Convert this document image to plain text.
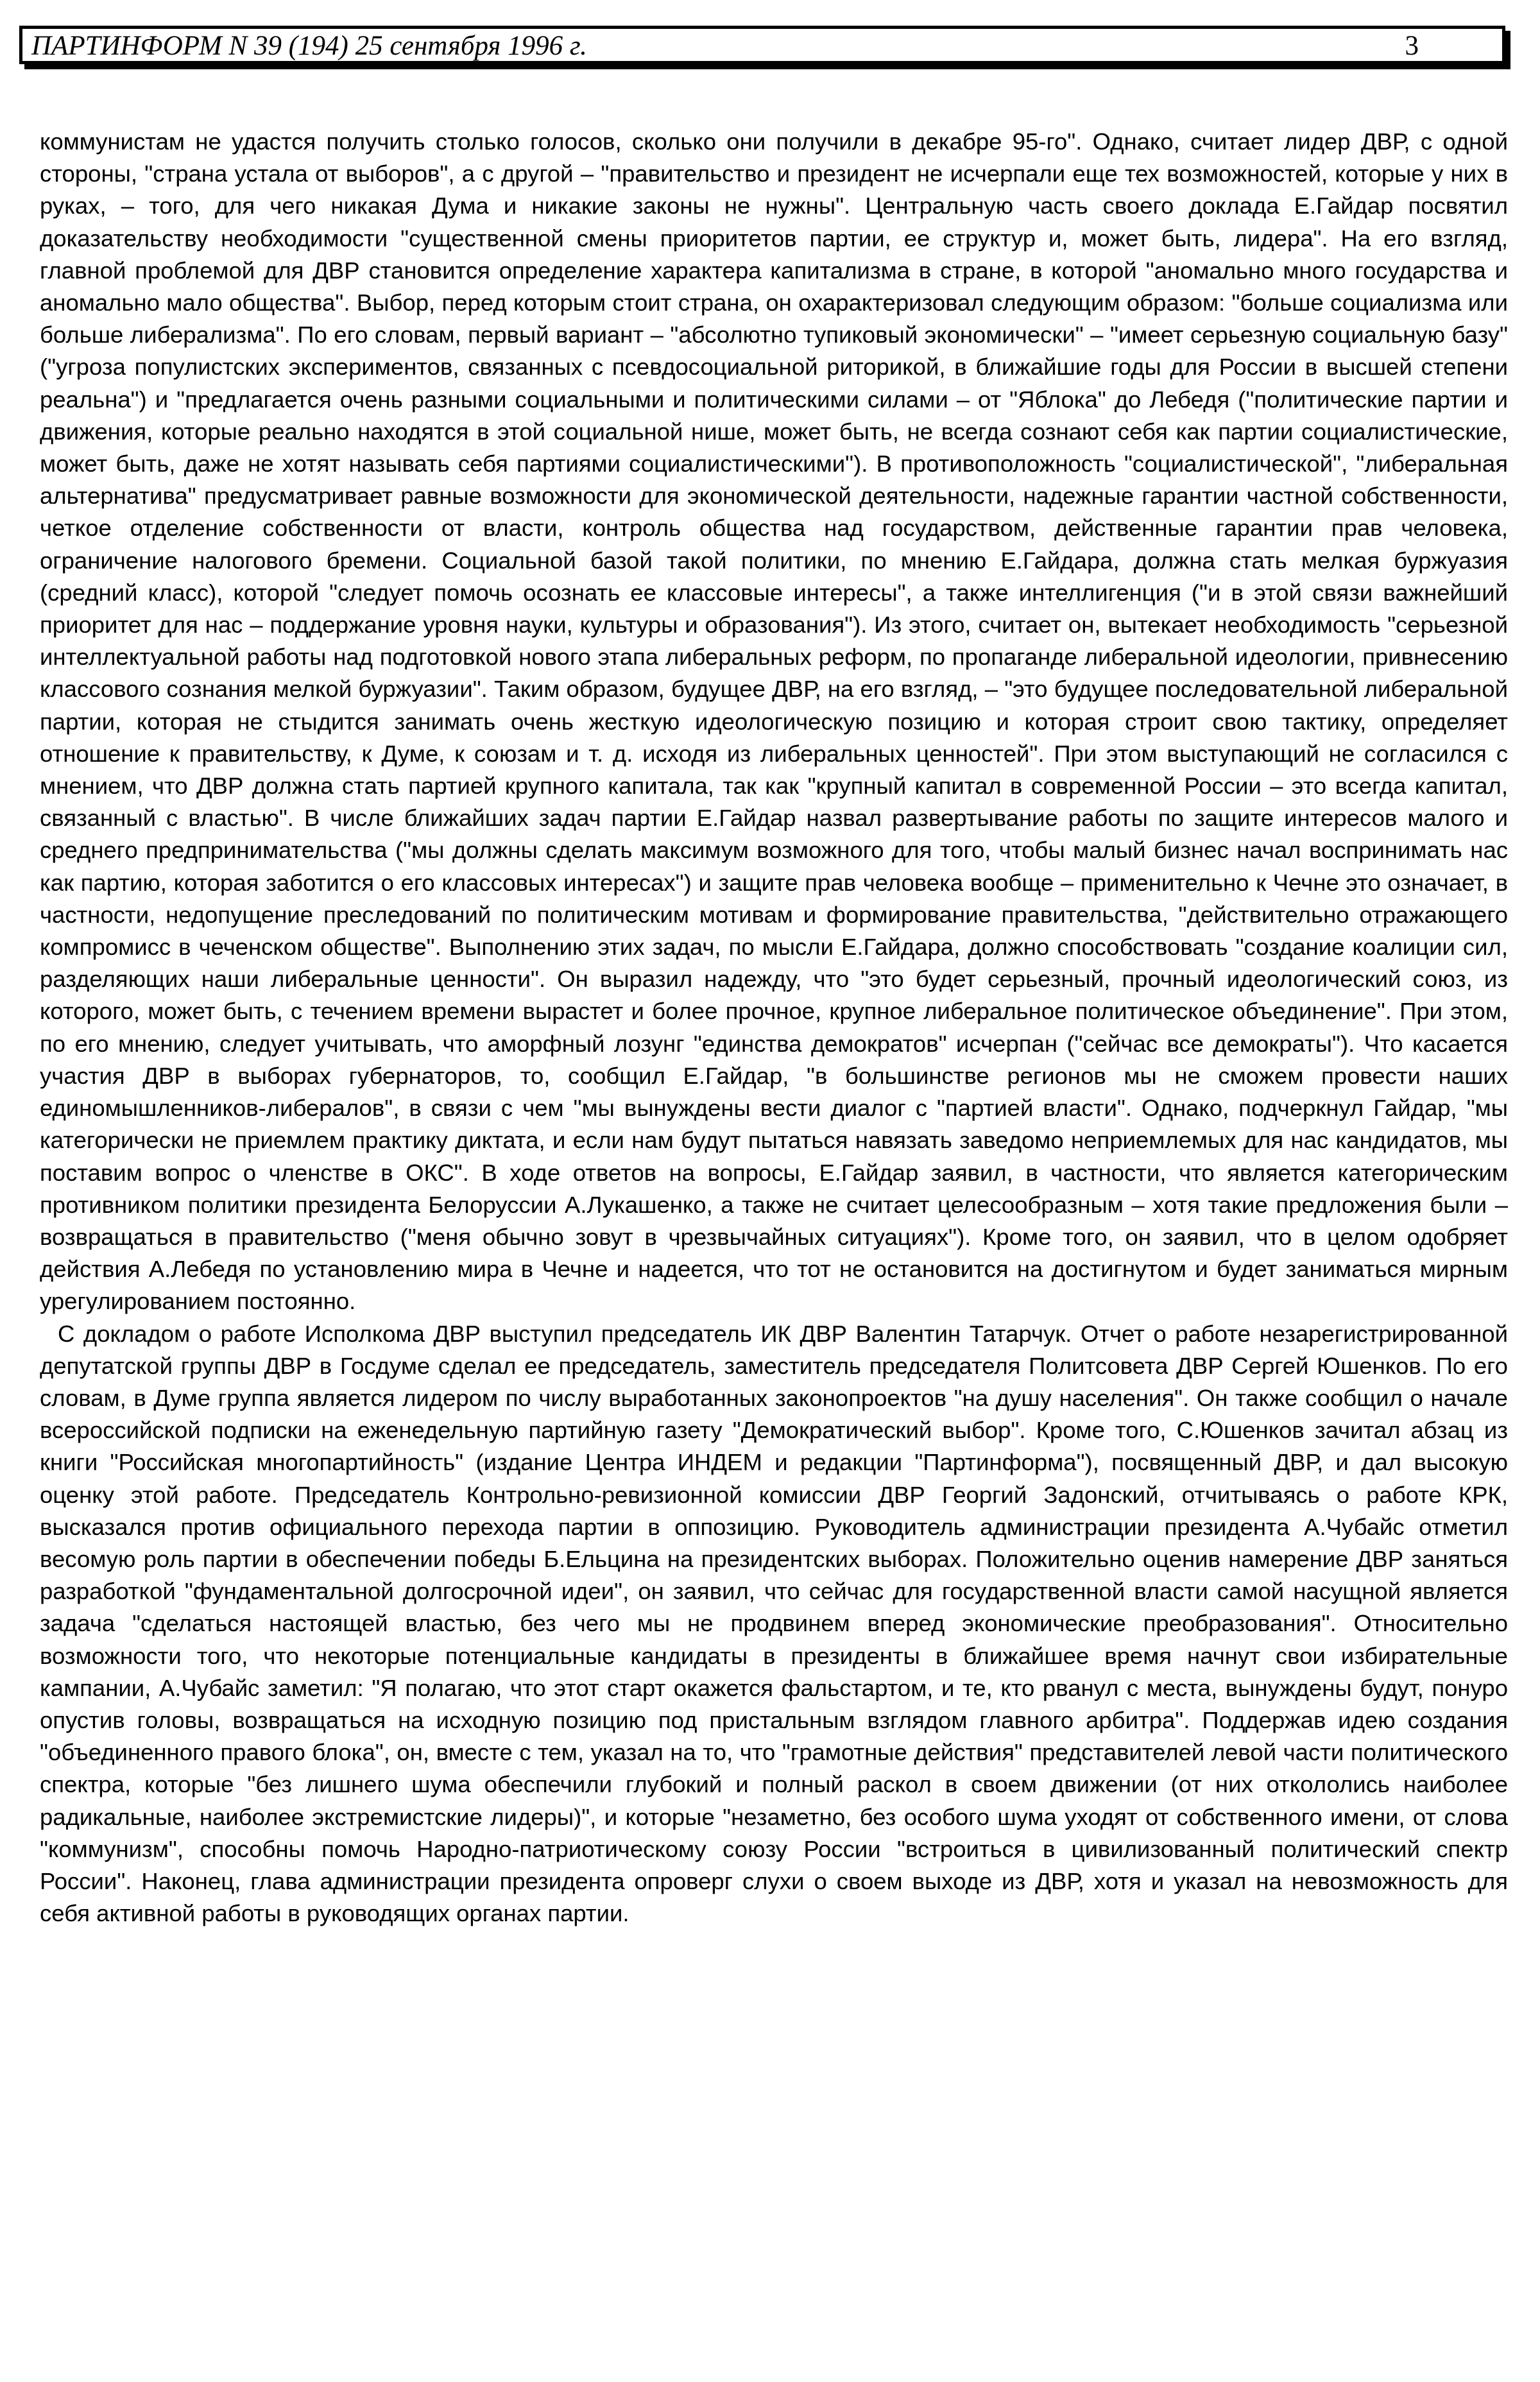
ПАРТИНФОРМ N 39 (194) 25 сентября 1996 г.	3

коммунистам не удастся получить столько голосов, сколько они получили в декабре 95-го". Однако, считает лидер ДВР, с одной стороны, "страна устала от выборов", а с другой – "правительство и президент не исчерпали еще тех возможностей, которые у них в руках, – того, для чего никакая Дума и никакие законы не нужны". Центральную часть своего доклада Е.Гайдар посвятил доказательству необходимости "существенной смены приоритетов партии, ее структур и, может быть, лидера". На его взгляд, главной проблемой для ДВР становится определение характера капитализма в стране, в которой "аномально много государства и аномально мало общества". Выбор, перед которым стоит страна, он охарактеризовал следующим образом: "больше социализма или больше либерализма". По его словам, первый вариант – "абсолютно тупиковый экономически" – "имеет серьезную социальную базу" ("угроза популистских экспериментов, связанных с псевдосоциальной риторикой, в ближайшие годы для России в высшей степени реальна") и "предлагается очень разными социальными и политическими силами – от "Яблока" до Лебедя ("политические партии и движения, которые реально находятся в этой социальной нише, может быть, не всегда сознают себя как партии социалистические, может быть, даже не хотят называть себя партиями социалистическими"). В противоположность "социалистической", "либеральная альтернатива" предусматривает равные возможности для экономической деятельности, надежные гарантии частной собственности, четкое отделение собственности от власти, контроль общества над государством, действенные гарантии прав человека, ограничение налогового бремени. Социальной базой такой политики, по мнению Е.Гайдара, должна стать мелкая буржуазия (средний класс), которой "следует помочь осознать ее классовые интересы", а также интеллигенция ("и в этой связи важнейший приоритет для нас – поддержание уровня науки, культуры и образования"). Из этого, считает он, вытекает необходимость "серьезной интеллектуальной работы над подготовкой нового этапа либеральных реформ, по пропаганде либеральной идеологии, привнесению классового сознания мелкой буржуазии". Таким образом, будущее ДВР, на его взгляд, – "это будущее последовательной либеральной партии, которая не стыдится занимать очень жесткую идеологическую позицию и которая строит свою тактику, определяет отношение к правительству, к Думе, к союзам и т. д. исходя из либеральных ценностей". При этом выступающий не согласился с мнением, что ДВР должна стать партией крупного капитала, так как "крупный капитал в современной России – это всегда капитал, связанный с властью". В числе ближайших задач партии Е.Гайдар назвал развертывание работы по защите интересов малого и среднего предпринимательства ("мы должны сделать максимум возможного для того, чтобы малый бизнес начал воспринимать нас как партию, которая заботится о его классовых интересах") и защите прав человека вообще – применительно к Чечне это означает, в частности, недопущение преследований по политическим мотивам и формирование правительства, "действительно отражающего компромисс в чеченском обществе". Выполнению этих задач, по мысли Е.Гайдара, должно способствовать "создание коалиции сил, разделяющих наши либеральные ценности". Он выразил надежду, что "это будет серьезный, прочный идеологический союз, из которого, может быть, с течением времени вырастет и более прочное, крупное либеральное политическое объединение". При этом, по его мнению, следует учитывать, что аморфный лозунг "единства демократов" исчерпан ("сейчас все демократы"). Что касается участия ДВР в выборах губернаторов, то, сообщил Е.Гайдар, "в большинстве регионов мы не сможем провести наших единомышленников-либералов", в связи с чем "мы вынуждены вести диалог с "партией власти". Однако, подчеркнул Гайдар, "мы категорически не приемлем практику диктата, и если нам будут пытаться навязать заведомо неприемлемых для нас кандидатов, мы поставим вопрос о членстве в ОКС". В ходе ответов на вопросы, Е.Гайдар заявил, в частности, что является категорическим противником политики президента Белоруссии А.Лукашенко, а также не считает целесообразным – хотя такие предложения были – возвращаться в правительство ("меня обычно зовут в чрезвычайных ситуациях"). Кроме того, он заявил, что в целом одобряет действия А.Лебедя по установлению мира в Чечне и надеется, что тот не остановится на достигнутом и будет заниматься мирным урегулированием постоянно.

С докладом о работе Исполкома ДВР выступил председатель ИК ДВР Валентин Татарчук. Отчет о работе незарегистрированной депутатской группы ДВР в Госдуме сделал ее председатель, заместитель председателя Политсовета ДВР Сергей Юшенков. По его словам, в Думе группа является лидером по числу выработанных законопроектов "на душу населения". Он также сообщил о начале всероссийской подписки на еженедельную партийную газету "Демократический выбор". Кроме того, С.Юшенков зачитал абзац из книги "Российская многопартийность" (издание Центра ИНДЕМ и редакции "Партинформа"), посвященный ДВР, и дал высокую оценку этой работе. Председатель Контрольно-ревизионной комиссии ДВР Георгий Задонский, отчитываясь о работе КРК, высказался против официального перехода партии в оппозицию. Руководитель администрации президента А.Чубайс отметил весомую роль партии в обеспечении победы Б.Ельцина на президентских выборах. Положительно оценив намерение ДВР заняться разработкой "фундаментальной долгосрочной идеи", он заявил, что сейчас для государственной власти самой насущной является задача "сделаться настоящей властью, без чего мы не продвинем вперед экономические преобразования". Относительно возможности того, что некоторые потенциальные кандидаты в президенты в ближайшее время начнут свои избирательные кампании, А.Чубайс заметил: "Я полагаю, что этот старт окажется фальстартом, и те, кто рванул с места, вынуждены будут, понуро опустив головы, возвращаться на исходную позицию под пристальным взглядом главного арбитра". Поддержав идею создания "объединенного правого блока", он, вместе с тем, указал на то, что "грамотные действия" представителей левой части политического спектра, которые "без лишнего шума обеспечили глубокий и полный раскол в своем движении (от них откололись наиболее радикальные, наиболее экстремистские лидеры)", и которые "незаметно, без особого шума уходят от собственного имени, от слова "коммунизм", способны помочь Народно-патриотическому союзу России "встроиться в цивилизованный политический спектр России". Наконец, глава администрации президента опроверг слухи о своем выходе из ДВР, хотя и указал на невозможность для себя активной работы в руководящих органах партии.
